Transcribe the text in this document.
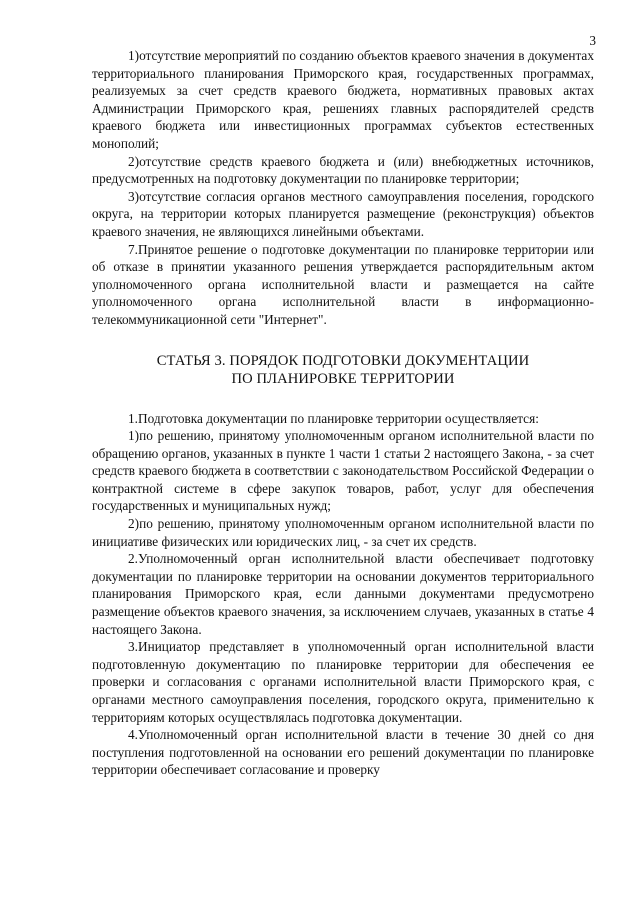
3

1)отсутствие мероприятий по созданию объектов краевого значения в документах территориального планирования Приморского края, государственных программах, реализуемых за счет средств краевого бюджета, нормативных правовых актах Администрации Приморского края, решениях главных распорядителей средств краевого бюджета или инвестиционных программах субъектов естественных монополий;

2)отсутствие средств краевого бюджета и (или) внебюджетных источников, предусмотренных на подготовку документации по планировке территории;

3)отсутствие согласия органов местного самоуправления поселения, городского округа, на территории которых планируется размещение (реконструкция) объектов краевого значения, не являющихся линейными объектами.

7.Принятое решение о подготовке документации по планировке территории или об отказе в принятии указанного решения утверждается распорядительным актом уполномоченного органа исполнительной власти и размещается на сайте уполномоченного органа исполнительной власти в информационно-телекоммуникационной сети "Интернет".

СТАТЬЯ 3. ПОРЯДОК ПОДГОТОВКИ ДОКУМЕНТАЦИИ
ПО ПЛАНИРОВКЕ ТЕРРИТОРИИ

1.Подготовка документации по планировке территории осуществляется:

1)по решению, принятому уполномоченным органом исполнительной власти по обращению органов, указанных в пункте 1 части 1 статьи 2 настоящего Закона, - за счет средств краевого бюджета в соответствии с законодательством Российской Федерации о контрактной системе в сфере закупок товаров, работ, услуг для обеспечения государственных и муниципальных нужд;

2)по решению, принятому уполномоченным органом исполнительной власти по инициативе физических или юридических лиц, - за счет их средств.

2.Уполномоченный орган исполнительной власти обеспечивает подготовку документации по планировке территории на основании документов территориального планирования Приморского края, если данными документами предусмотрено размещение объектов краевого значения, за исключением случаев, указанных в статье 4 настоящего Закона.

3.Инициатор представляет в уполномоченный орган исполнительной власти подготовленную документацию по планировке территории для обеспечения ее проверки и согласования с органами исполнительной власти Приморского края, с органами местного самоуправления поселения, городского округа, применительно к территориям которых осуществлялась подготовка документации.

4.Уполномоченный орган исполнительной власти в течение 30 дней со дня поступления подготовленной на основании его решений документации по планировке территории обеспечивает согласование и проверку
